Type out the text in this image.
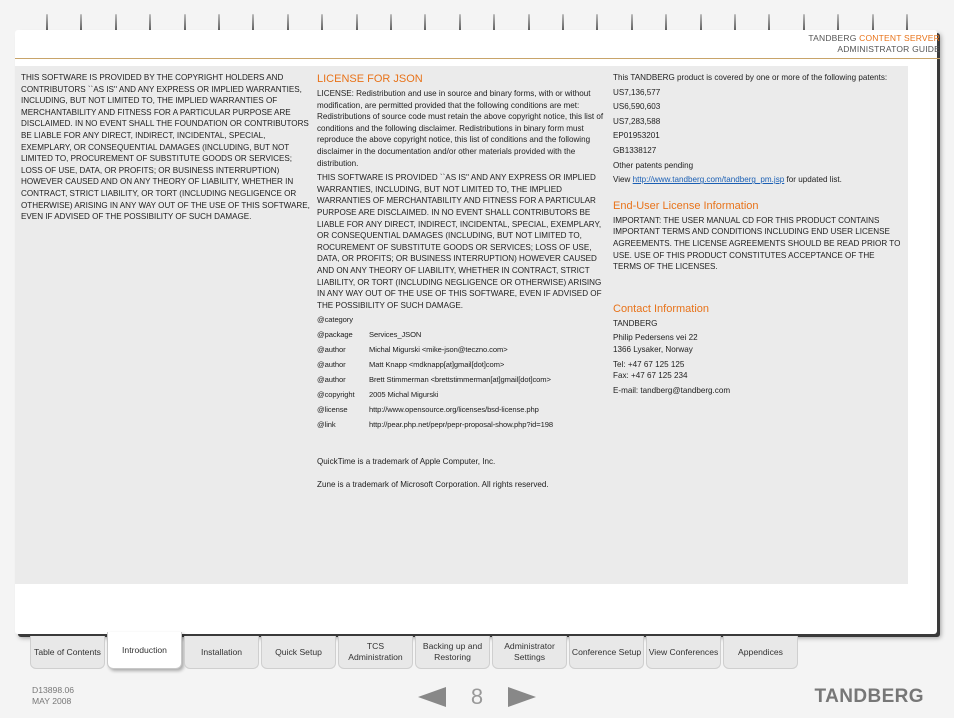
TANDBERG CONTENT SERVER
ADMINISTRATOR GUIDE

THIS SOFTWARE IS PROVIDED BY THE COPYRIGHT HOLDERS AND CONTRIBUTORS ``AS IS'' AND ANY EXPRESS OR IMPLIED WARRANTIES, INCLUDING, BUT NOT LIMITED TO, THE IMPLIED WARRANTIES OF MERCHANTABILITY AND FITNESS FOR A PARTICULAR PURPOSE ARE DISCLAIMED. IN NO EVENT SHALL THE FOUNDATION OR CONTRIBUTORS BE LIABLE FOR ANY DIRECT, INDIRECT, INCIDENTAL, SPECIAL, EXEMPLARY, OR CONSEQUENTIAL DAMAGES (INCLUDING, BUT NOT LIMITED TO, PROCUREMENT OF SUBSTITUTE GOODS OR SERVICES; LOSS OF USE, DATA, OR PROFITS; OR BUSINESS INTERRUPTION) HOWEVER CAUSED AND ON ANY THEORY OF LIABILITY, WHETHER IN CONTRACT, STRICT LIABILITY, OR TORT (INCLUDING NEGLIGENCE OR OTHERWISE) ARISING IN ANY WAY OUT OF THE USE OF THIS SOFTWARE, EVEN IF ADVISED OF THE POSSIBILITY OF SUCH DAMAGE.

LICENSE FOR JSON

LICENSE: Redistribution and use in source and binary forms, with or without modification, are permitted provided that the following conditions are met: Redistributions of source code must retain the above copyright notice, this list of conditions and the following disclaimer. Redistributions in binary form must reproduce the above copyright notice, this list of conditions and the following disclaimer in the documentation and/or other materials provided with the distribution.

THIS SOFTWARE IS PROVIDED ``AS IS'' AND ANY EXPRESS OR IMPLIED WARRANTIES, INCLUDING, BUT NOT LIMITED TO, THE IMPLIED WARRANTIES OF MERCHANTABILITY AND FITNESS FOR A PARTICULAR PURPOSE ARE DISCLAIMED. IN NO EVENT SHALL CONTRIBUTORS BE LIABLE FOR ANY DIRECT, INDIRECT, INCIDENTAL, SPECIAL, EXEMPLARY, OR CONSEQUENTIAL DAMAGES (INCLUDING, BUT NOT LIMITED TO, ROCUREMENT OF SUBSTITUTE GOODS OR SERVICES; LOSS OF USE, DATA, OR PROFITS; OR BUSINESS INTERRUPTION) HOWEVER CAUSED AND ON ANY THEORY OF LIABILITY, WHETHER IN CONTRACT, STRICT LIABILITY, OR TORT (INCLUDING NEGLIGENCE OR OTHERWISE) ARISING IN ANY WAY OUT OF THE USE OF THIS SOFTWARE, EVEN IF ADVISED OF THE POSSIBILITY OF SUCH DAMAGE.

@category
@package	Services_JSON
@author	Michal Migurski <mike-json@teczno.com>
@author	Matt Knapp <mdknapp[at]gmail[dot]com>
@author	Brett Stimmerman <brettstimmerman[at]gmail[dot]com>
@copyright	2005 Michal Migurski
@license	http://www.opensource.org/licenses/bsd-license.php
@link	http://pear.php.net/pepr/pepr-proposal-show.php?id=198

QuickTime is a trademark of Apple Computer, Inc.

Zune is a trademark of Microsoft Corporation. All rights reserved.

This TANDBERG product is covered by one or more of the following patents:

US7,136,577
US6,590,603
US7,283,588
EP01953201
GB1338127
Other patents pending
View http://www.tandberg.com/tandberg_pm.jsp for updated list.
End-User License Information

IMPORTANT: THE USER MANUAL CD FOR THIS PRODUCT CONTAINS IMPORTANT TERMS AND CONDITIONS INCLUDING END USER LICENSE AGREEMENTS. THE LICENSE AGREEMENTS SHOULD BE READ PRIOR TO USE. USE OF THIS PRODUCT CONSTITUTES ACCEPTANCE OF THE TERMS OF THE LICENSES.

Contact Information
TANDBERG
Philip Pedersens vei 22
1366 Lysaker, Norway
Tel: +47 67 125 125
Fax: +47 67 125 234
E-mail: tandberg@tandberg.com
Table of Contents	Introduction	Installation	Quick Setup
TCS Administration
Backing up and Restoring
Administrator Settings
Conference Setup View Conferences	Appendices
D13898.06
MAY 2008	8	TANDBERG
